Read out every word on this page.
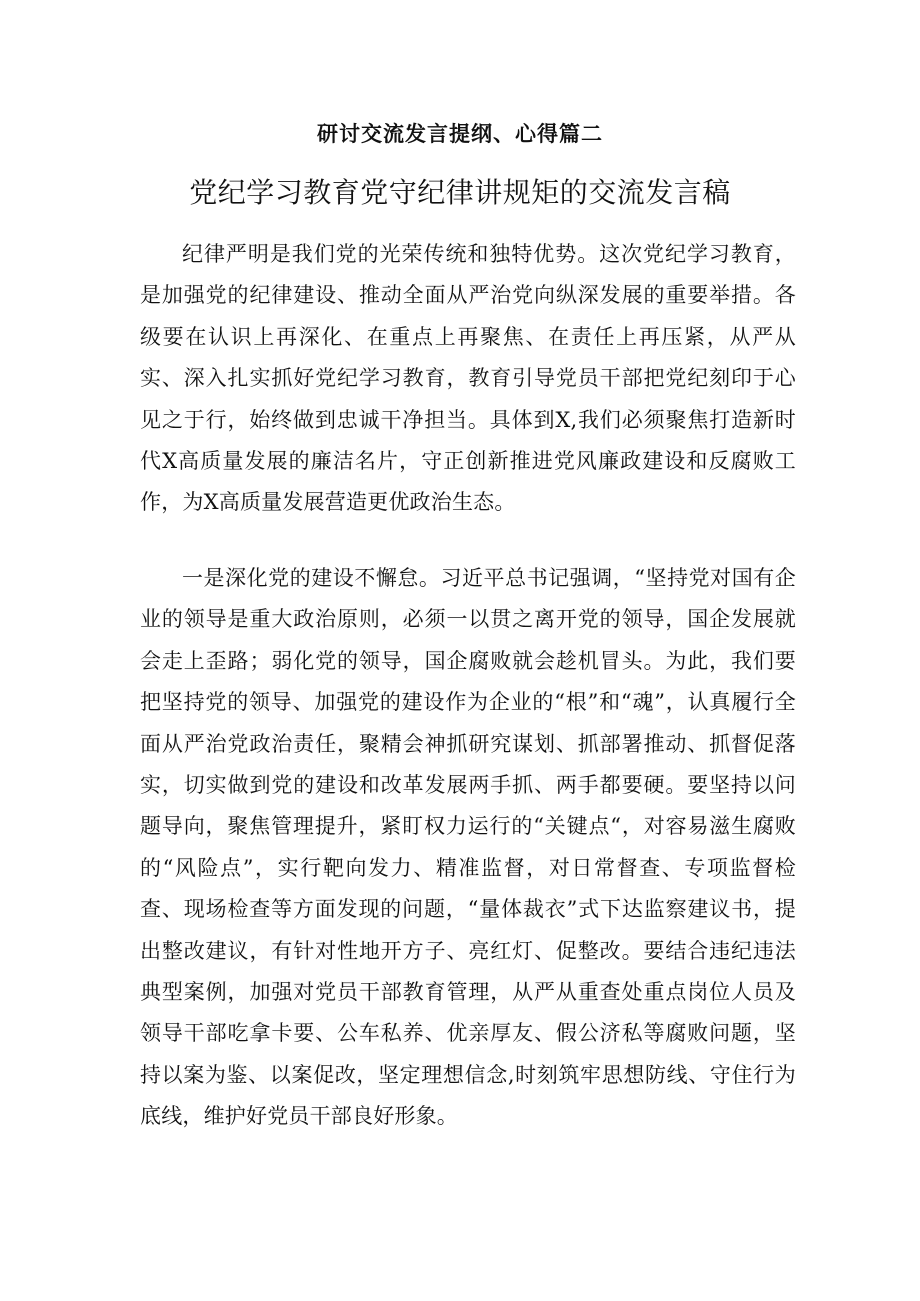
研讨交流发言提纲、心得篇二
党纪学习教育党守纪律讲规矩的交流发言稿

纪律严明是我们党的光荣传统和独特优势。这次党纪学习教育，是加强党的纪律建设、推动全面从严治党向纵深发展的重要举措。各级要在认识上再深化、在重点上再聚焦、在责任上再压紧，从严从实、深入扎实抓好党纪学习教育，教育引导党员干部把党纪刻印于心见之于行，始终做到忠诚干净担当。具体到X,我们必须聚焦打造新时代X高质量发展的廉洁名片，守正创新推进党风廉政建设和反腐败工作，为X高质量发展营造更优政治生态。

一是深化党的建设不懈怠。习近平总书记强调，“坚持党对国有企业的领导是重大政治原则，必须一以贯之离开党的领导，国企发展就会走上歪路；弱化党的领导，国企腐败就会趁机冒头。为此，我们要把坚持党的领导、加强党的建设作为企业的“根”和“魂”，认真履行全面从严治党政治责任，聚精会神抓研究谋划、抓部署推动、抓督促落实，切实做到党的建设和改革发展两手抓、两手都要硬。要坚持以问题导向，聚焦管理提升，紧盯权力运行的“关键点“，对容易滋生腐败的“风险点”，实行靶向发力、精准监督，对日常督查、专项监督检查、现场检查等方面发现的问题，“量体裁衣”式下达监察建议书，提出整改建议，有针对性地开方子、亮红灯、促整改。要结合违纪违法典型案例，加强对党员干部教育管理，从严从重查处重点岗位人员及领导干部吃拿卡要、公车私养、优亲厚友、假公济私等腐败问题，坚持以案为鉴、以案促改，坚定理想信念,时刻筑牢思想防线、守住行为底线，维护好党员干部良好形象。
